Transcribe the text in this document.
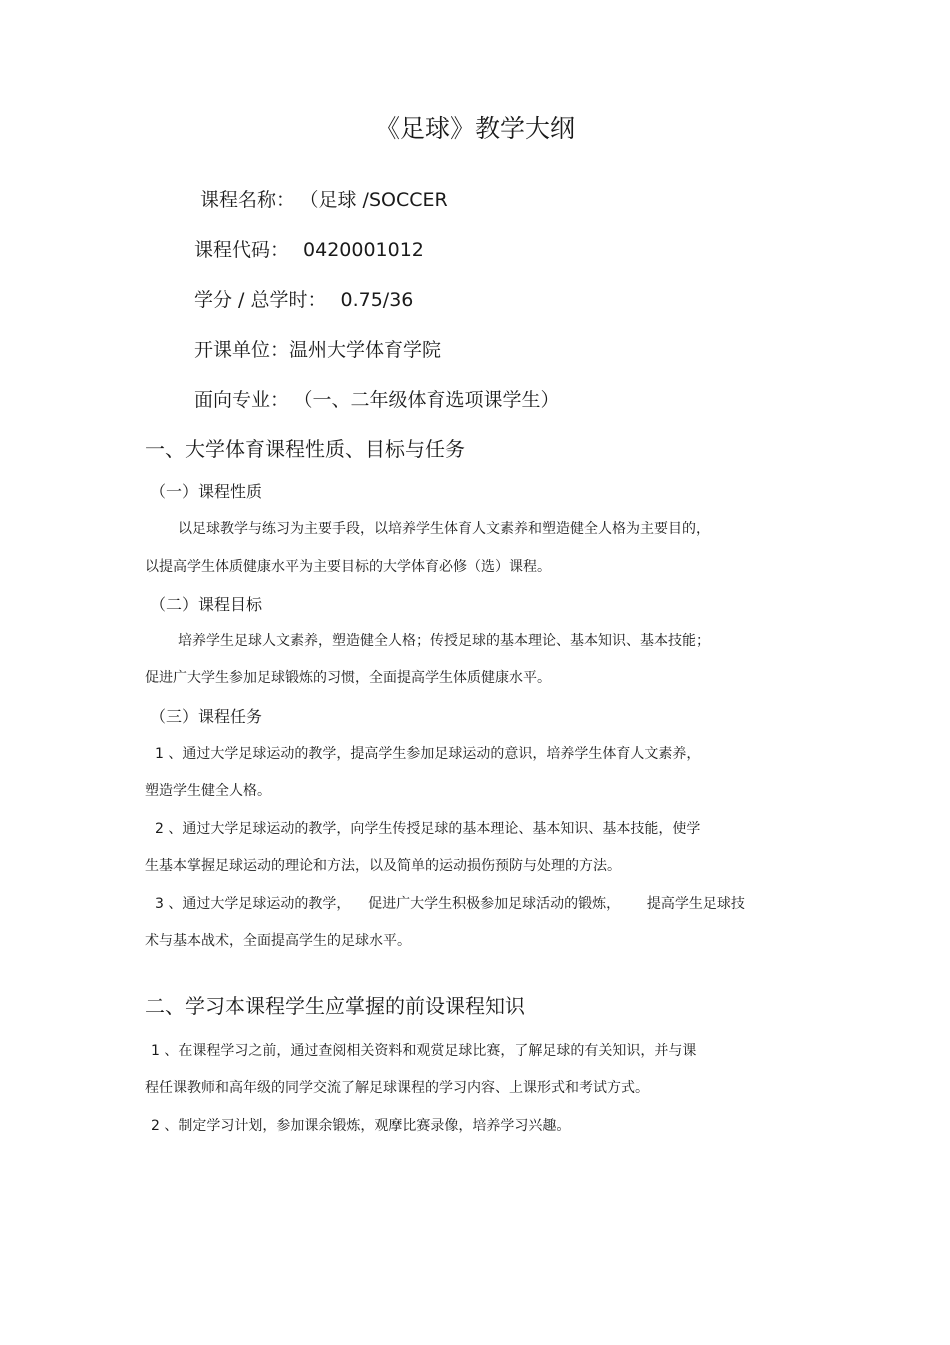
《足球》教学大纲
课程名称： （足球 /SOCCER
课程代码： 0420001012
学分 / 总学时： 0.75/36
开课单位：温州大学体育学院
面向专业： （一、二年级体育选项课学生）
一、大学体育课程性质、目标与任务
（一）课程性质
以足球教学与练习为主要手段，以培养学生体育人文素养和塑造健全人格为主要目的，
以提高学生体质健康水平为主要目标的大学体育必修（选）课程。
（二）课程目标
培养学生足球人文素养，塑造健全人格；传授足球的基本理论、基本知识、基本技能；
促进广大学生参加足球锻炼的习惯，全面提高学生体质健康水平。
（三）课程任务
1 、通过大学足球运动的教学，提高学生参加足球运动的意识，培养学生体育人文素养，
塑造学生健全人格。
2 、通过大学足球运动的教学，向学生传授足球的基本理论、基本知识、基本技能，使学
生基本掌握足球运动的理论和方法，以及简单的运动损伤预防与处理的方法。
3 、通过大学足球运动的教学，    促进广大学生积极参加足球活动的锻炼，      提高学生足球技
术与基本战术，全面提高学生的足球水平。
二、学习本课程学生应掌握的前设课程知识
1 、在课程学习之前，通过查阅相关资料和观赏足球比赛，了解足球的有关知识，并与课
程任课教师和高年级的同学交流了解足球课程的学习内容、上课形式和考试方式。
2 、制定学习计划，参加课余锻炼，观摩比赛录像，培养学习兴趣。
